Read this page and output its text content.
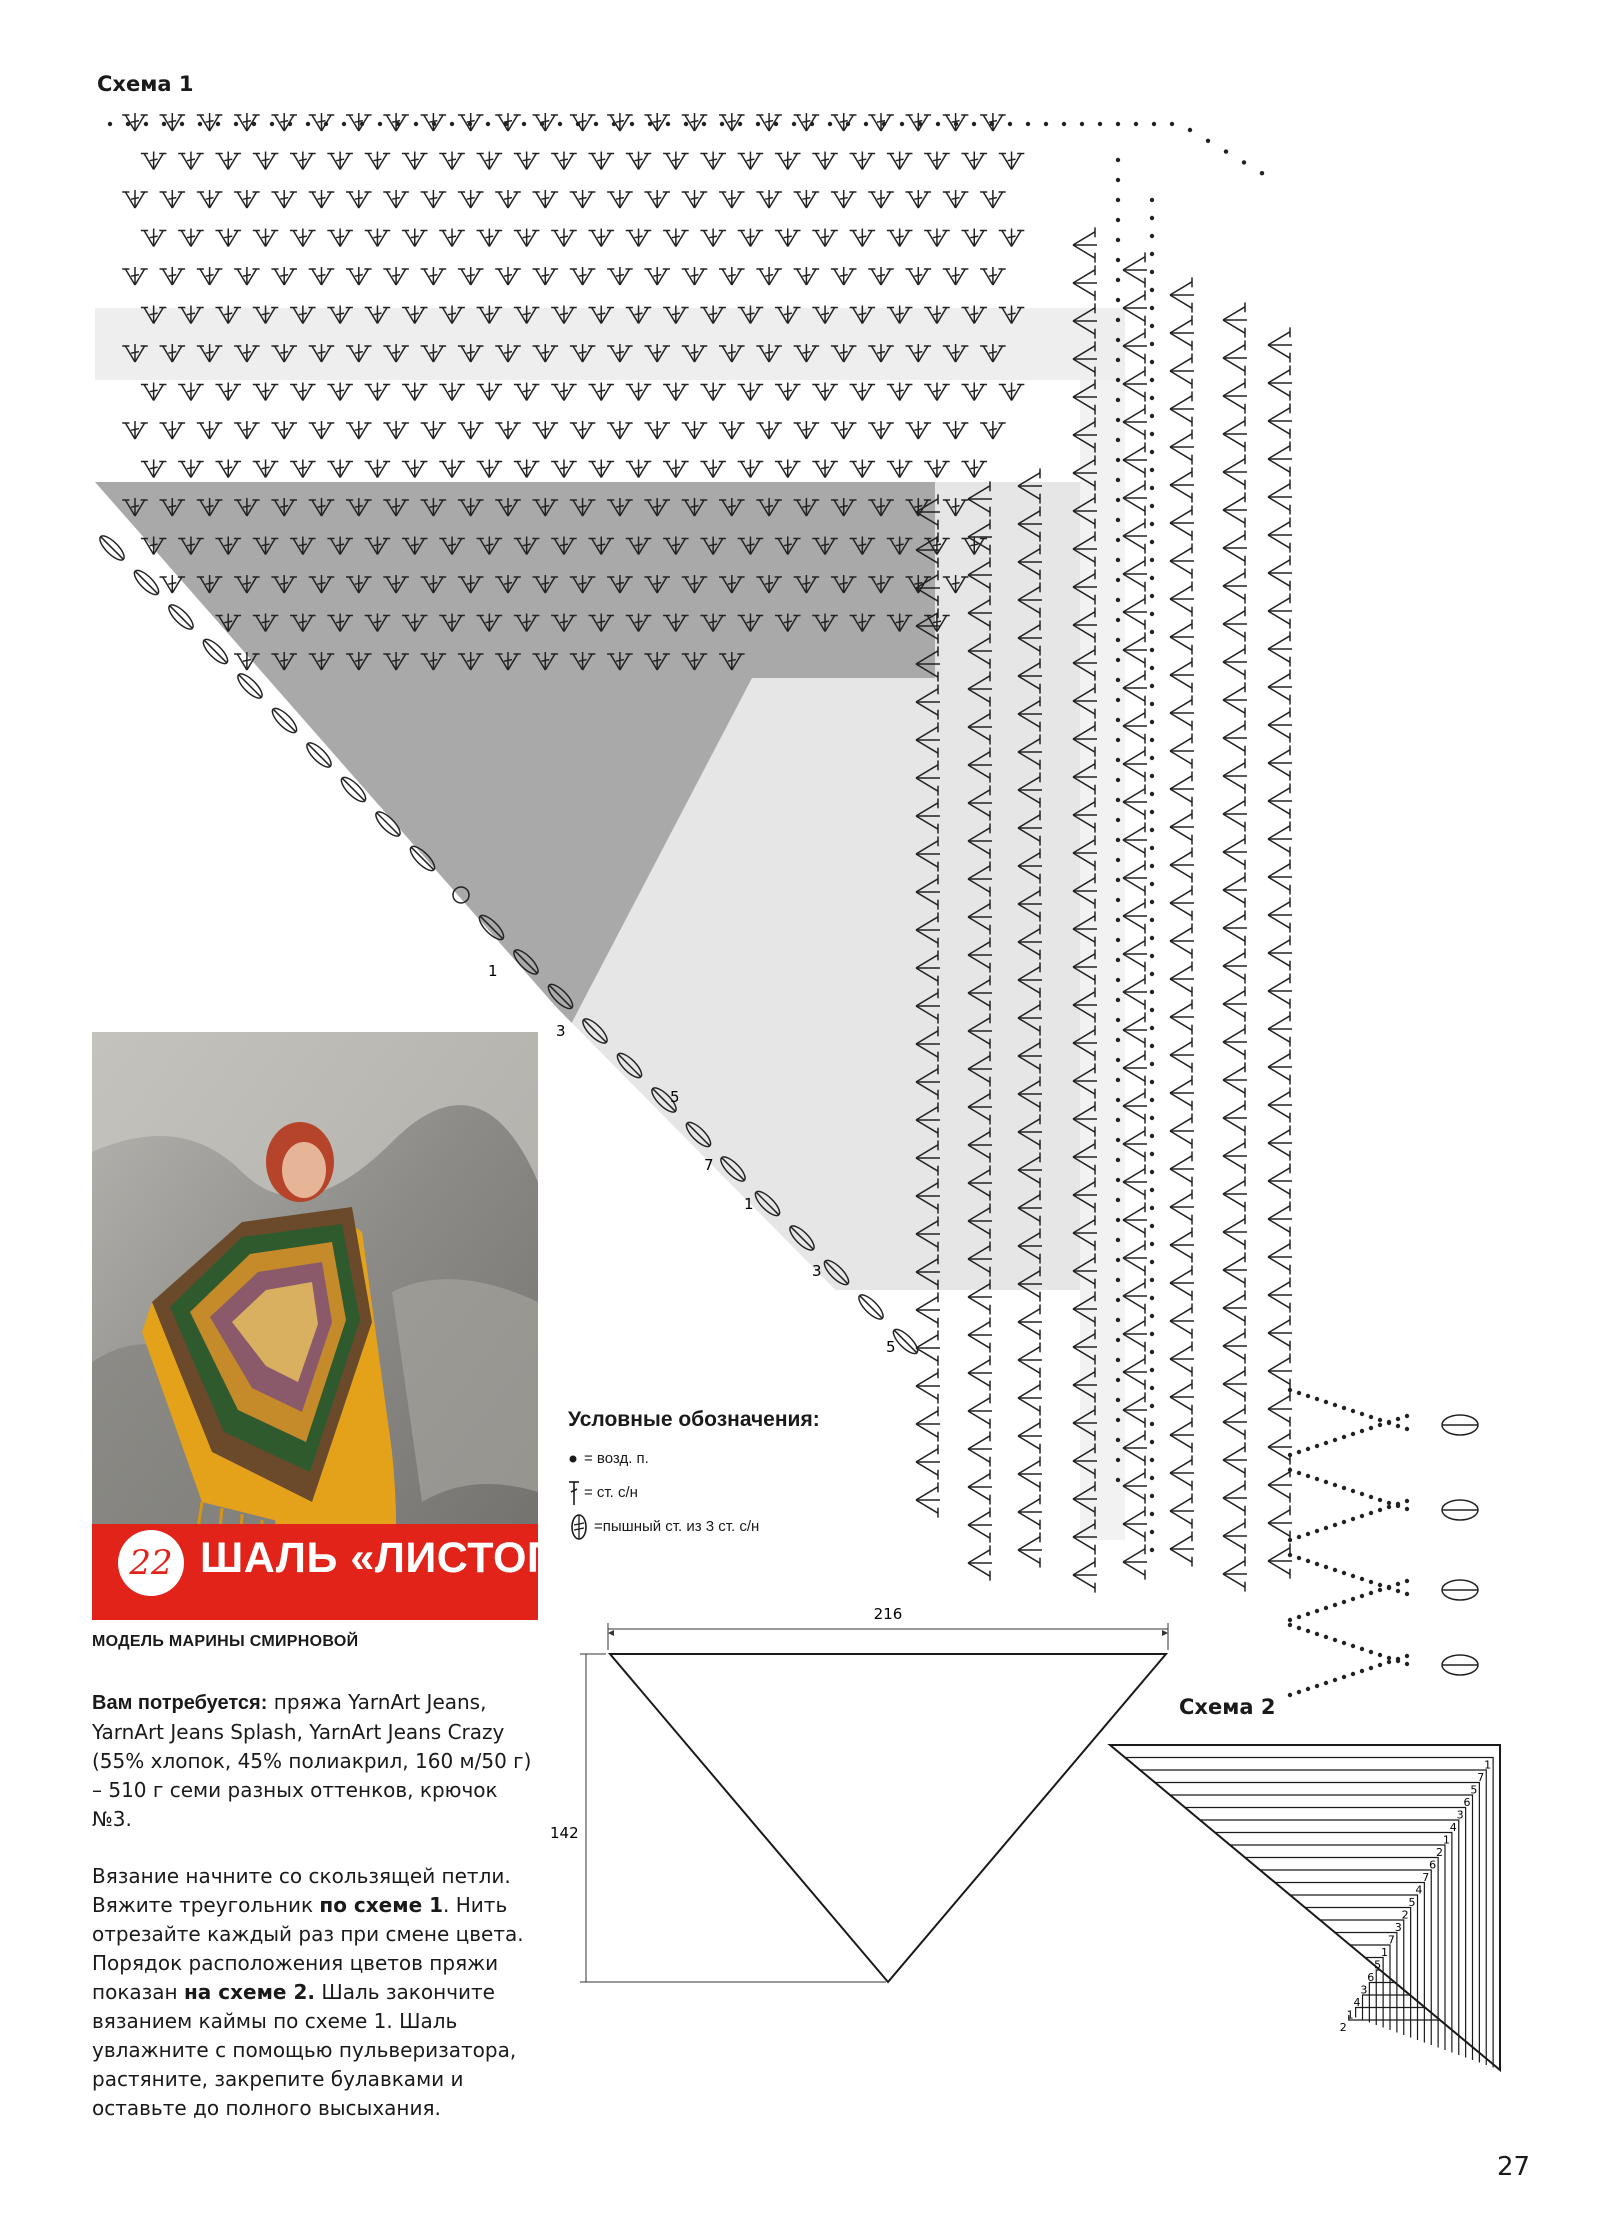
1
3
5
7
1
3
5
Схема 1
22 ШАЛЬ «ЛИСТОПАД»
МОДЕЛЬ МАРИНЫ СМИРНОВОЙ
Условные обозначения:
= возд. п.
= ст. с/н
=пышный ст. из 3 ст. с/н

Вам потребуется: пряжа YarnArt Jeans, YarnArt Jeans Splash, YarnArt Jeans Crazy (55% хлопок, 45% полиакрил, 160 м/50 г) – 510 г семи разных оттенков, крючок №3.

Вязание начните со скользящей петли. Вяжите треугольник по схеме 1. Нить отрезайте каждый раз при смене цвета. Порядок расположения цветов пряжи показан на схеме 2. Шаль закончите вязанием каймы по схеме 1. Шаль увлажните с помощью пульверизатора, растяните, закрепите булавками и оставьте до полного высыхания.

216
142
Схема 2
1
7
5
6
3
4
1
2
6
7
4
5
2
3
7
1
5
6
3
4
1
2
27
